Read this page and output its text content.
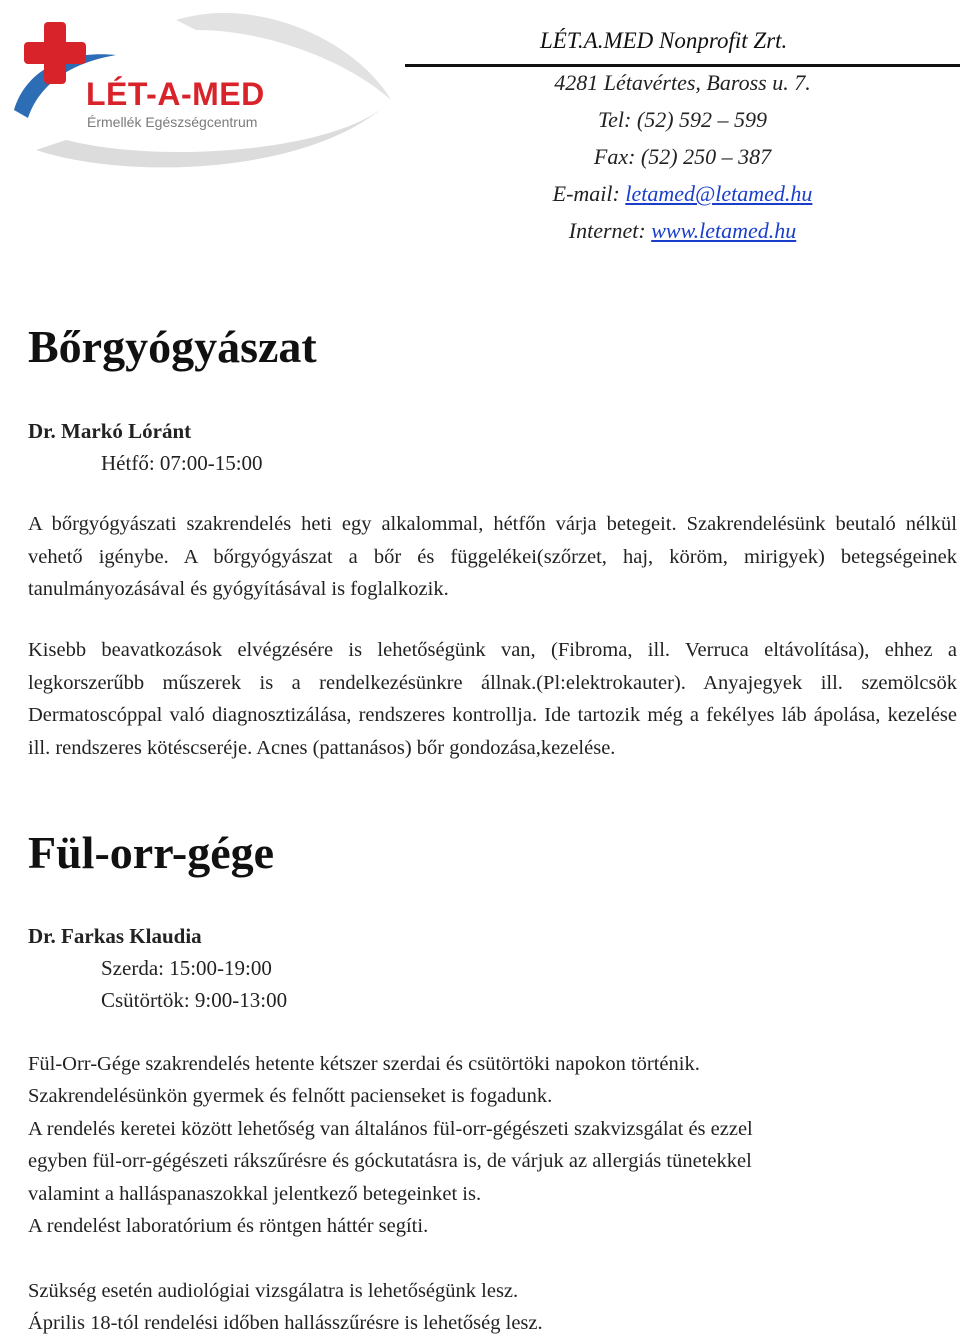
LÉT-A-MED
Érmellék Egészségcentrum
LÉT.A.MED Nonprofit Zrt.
4281 Létavértes, Baross u. 7.
Tel: (52) 592 – 599
Fax: (52) 250 – 387
E-mail: letamed@letamed.hu
Internet: www.letamed.hu
Bőrgyógyászat
Dr. Markó Lóránt
Hétfő: 07:00-15:00

A bőrgyógyászati szakrendelés heti egy alkalommal, hétfőn várja betegeit. Szakrendelésünk beutaló nélkül vehető igénybe. A bőrgyógyászat a bőr és függelékei(szőrzet, haj, köröm, mirigyek) betegségeinek tanulmányozásával és gyógyításával is foglalkozik.

Kisebb beavatkozások elvégzésére is lehetőségünk van, (Fibroma, ill. Verruca eltávolítása), ehhez a legkorszerűbb műszerek is a rendelkezésünkre állnak.(Pl:elektrokauter). Anyajegyek ill. szemölcsök Dermatoscóppal való diagnosztizálása, rendszeres kontrollja. Ide tartozik még a fekélyes láb ápolása, kezelése ill. rendszeres kötéscseréje. Acnes (pattanásos) bőr gondozása,kezelése.

Fül-orr-gége
Dr. Farkas Klaudia
Szerda: 15:00-19:00
Csütörtök: 9:00-13:00
Fül-Orr-Gége szakrendelés hetente kétszer szerdai és csütörtöki napokon történik.
Szakrendelésünkön gyermek és felnőtt pacienseket is fogadunk.
A rendelés keretei között lehetőség van általános fül-orr-gégészeti szakvizsgálat és ezzel
egyben fül-orr-gégészeti rákszűrésre és góckutatásra is, de várjuk az allergiás tünetekkel
valamint a halláspanaszokkal jelentkező betegeinket is.
A rendelést laboratórium és röntgen háttér segíti.
Szükség esetén audiológiai vizsgálatra is lehetőségünk lesz.
Április 18-tól rendelési időben hallásszűrésre is lehetőség lesz.
